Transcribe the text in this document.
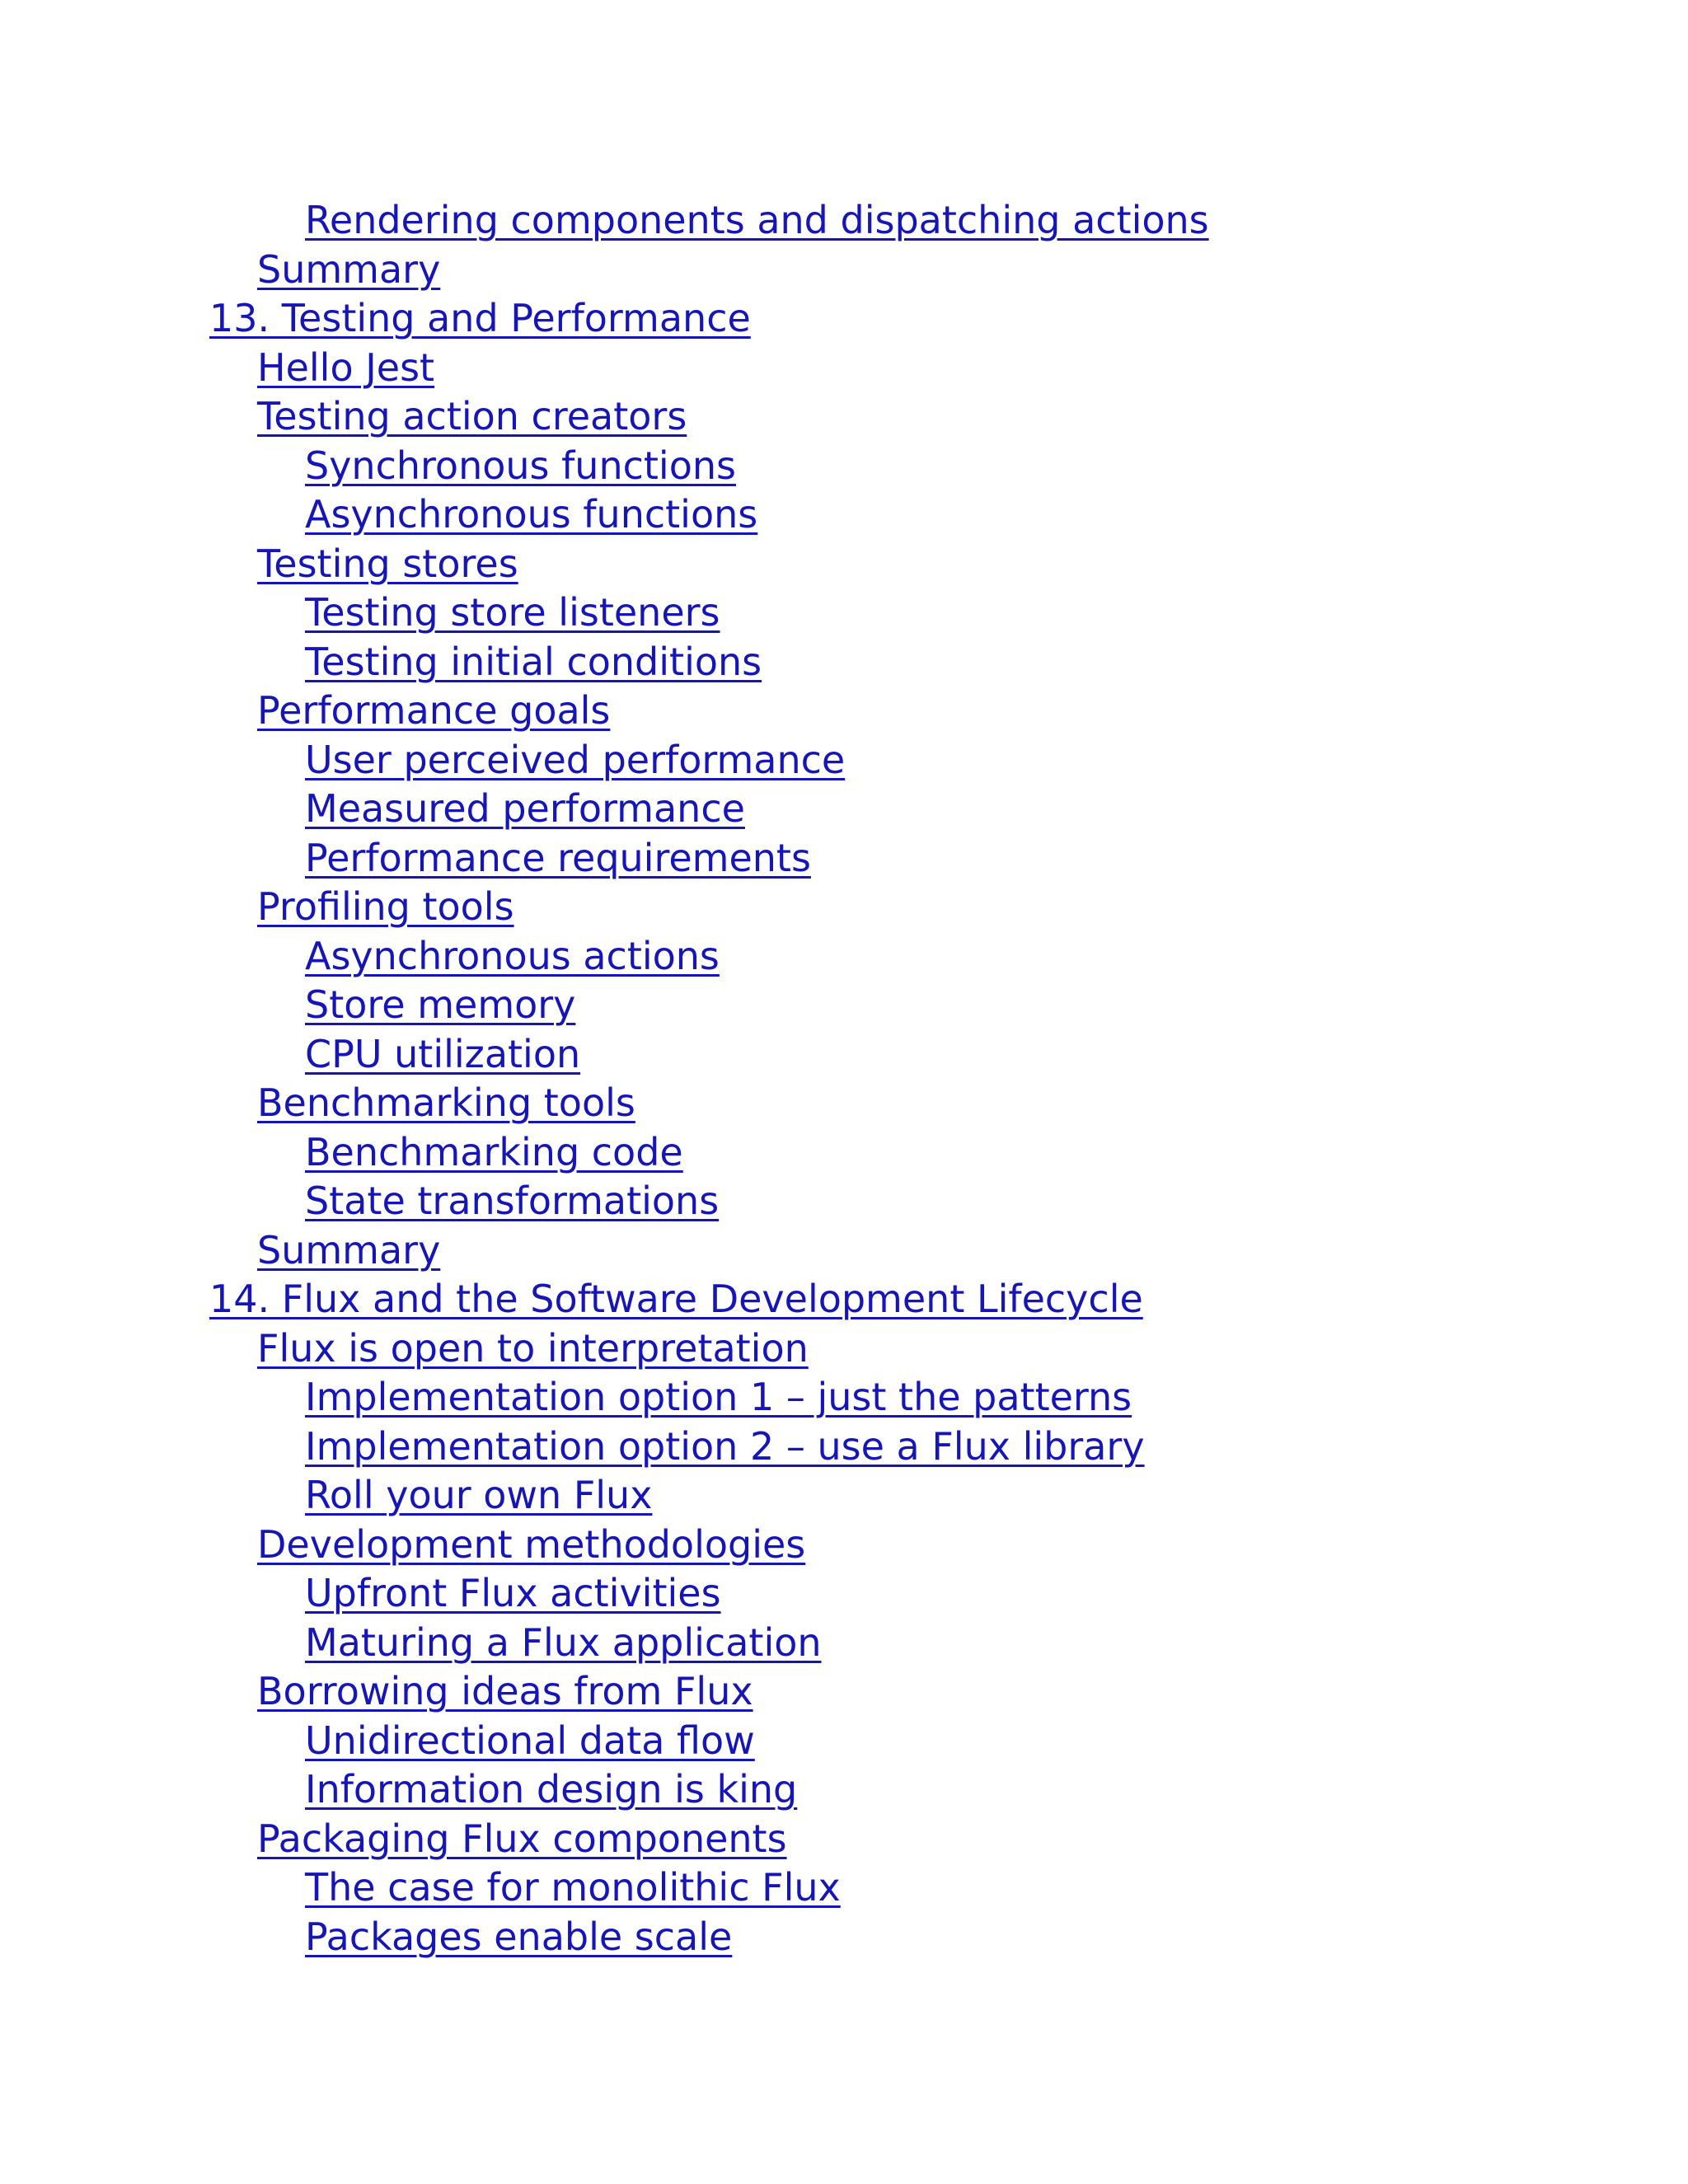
Rendering components and dispatching actions
Summary
13. Testing and Performance
Hello Jest
Testing action creators
Synchronous functions
Asynchronous functions
Testing stores
Testing store listeners
Testing initial conditions
Performance goals
User perceived performance
Measured performance
Performance requirements
Profiling tools
Asynchronous actions
Store memory
CPU utilization
Benchmarking tools
Benchmarking code
State transformations
Summary
14. Flux and the Software Development Lifecycle
Flux is open to interpretation
Implementation option 1 – just the patterns
Implementation option 2 – use a Flux library
Roll your own Flux
Development methodologies
Upfront Flux activities
Maturing a Flux application
Borrowing ideas from Flux
Unidirectional data flow
Information design is king
Packaging Flux components
The case for monolithic Flux
Packages enable scale
